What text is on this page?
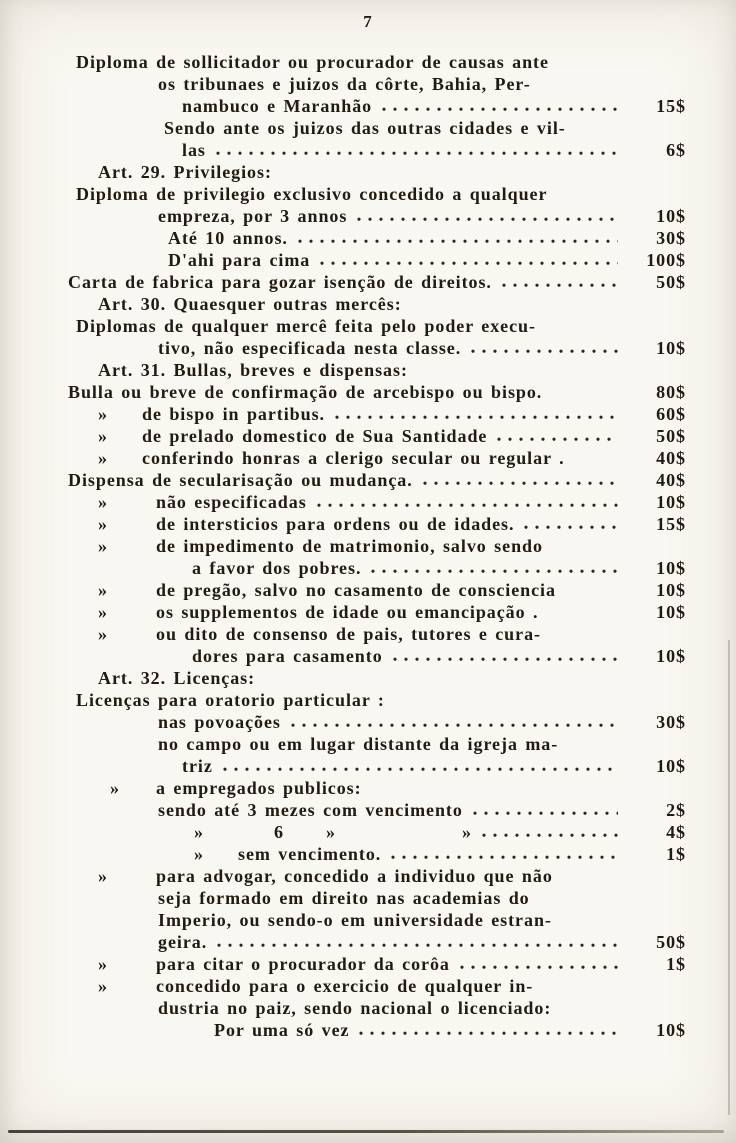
7
Diploma de sollicitador ou procurador de causas ante
os tribunaes e juizos da côrte, Bahia, Per-
nambuco e Maranhão	15$
Sendo ante os juizos das outras cidades e vil-
las	6$
Art. 29. Privilegios:
Diploma de privilegio exclusivo concedido a qualquer
empreza, por 3 annos	10$
Até 10 annos.	30$
D'ahi para cima	100$
Carta de fabrica para gozar isenção de direitos.	50$
Art. 30. Quaesquer outras mercês:
Diplomas de qualquer mercê feita pelo poder execu-
tivo, não especificada nesta classe.	10$
Art. 31. Bullas, breves e dispensas:
Bulla ou breve de confirmação de arcebispo ou bispo.	80$
»	de bispo in partibus.	60$
»	de prelado domestico de Sua Santidade	50$
»	conferindo honras a clerigo secular ou regular .	40$
Dispensa de secularisação ou mudança.	40$
»	não especificadas	10$
»	de intersticios para ordens ou de idades.	15$
»	de impedimento de matrimonio, salvo sendo
a favor dos pobres.	10$
»	de pregão, salvo no casamento de consciencia	10$
»	os supplementos de idade ou emancipação .	10$
»	ou dito de consenso de pais, tutores e cura-
dores para casamento	10$
Art. 32. Licenças:
Licenças para oratorio particular :
nas povoações	30$
no campo ou em lugar distante da igreja ma-
triz	10$
»	a empregados publicos:
sendo até 3 mezes com vencimento	2$
»	6	»	»	4$
»	sem vencimento.	1$
»	para advogar, concedido a individuo que não
seja formado em direito nas academias do
Imperio, ou sendo-o em universidade estran-
geira.	50$
»	para citar o procurador da corôa	1$
»	concedido para o exercicio de qualquer in-
dustria no paiz, sendo nacional o licenciado:
Por uma só vez	10$
